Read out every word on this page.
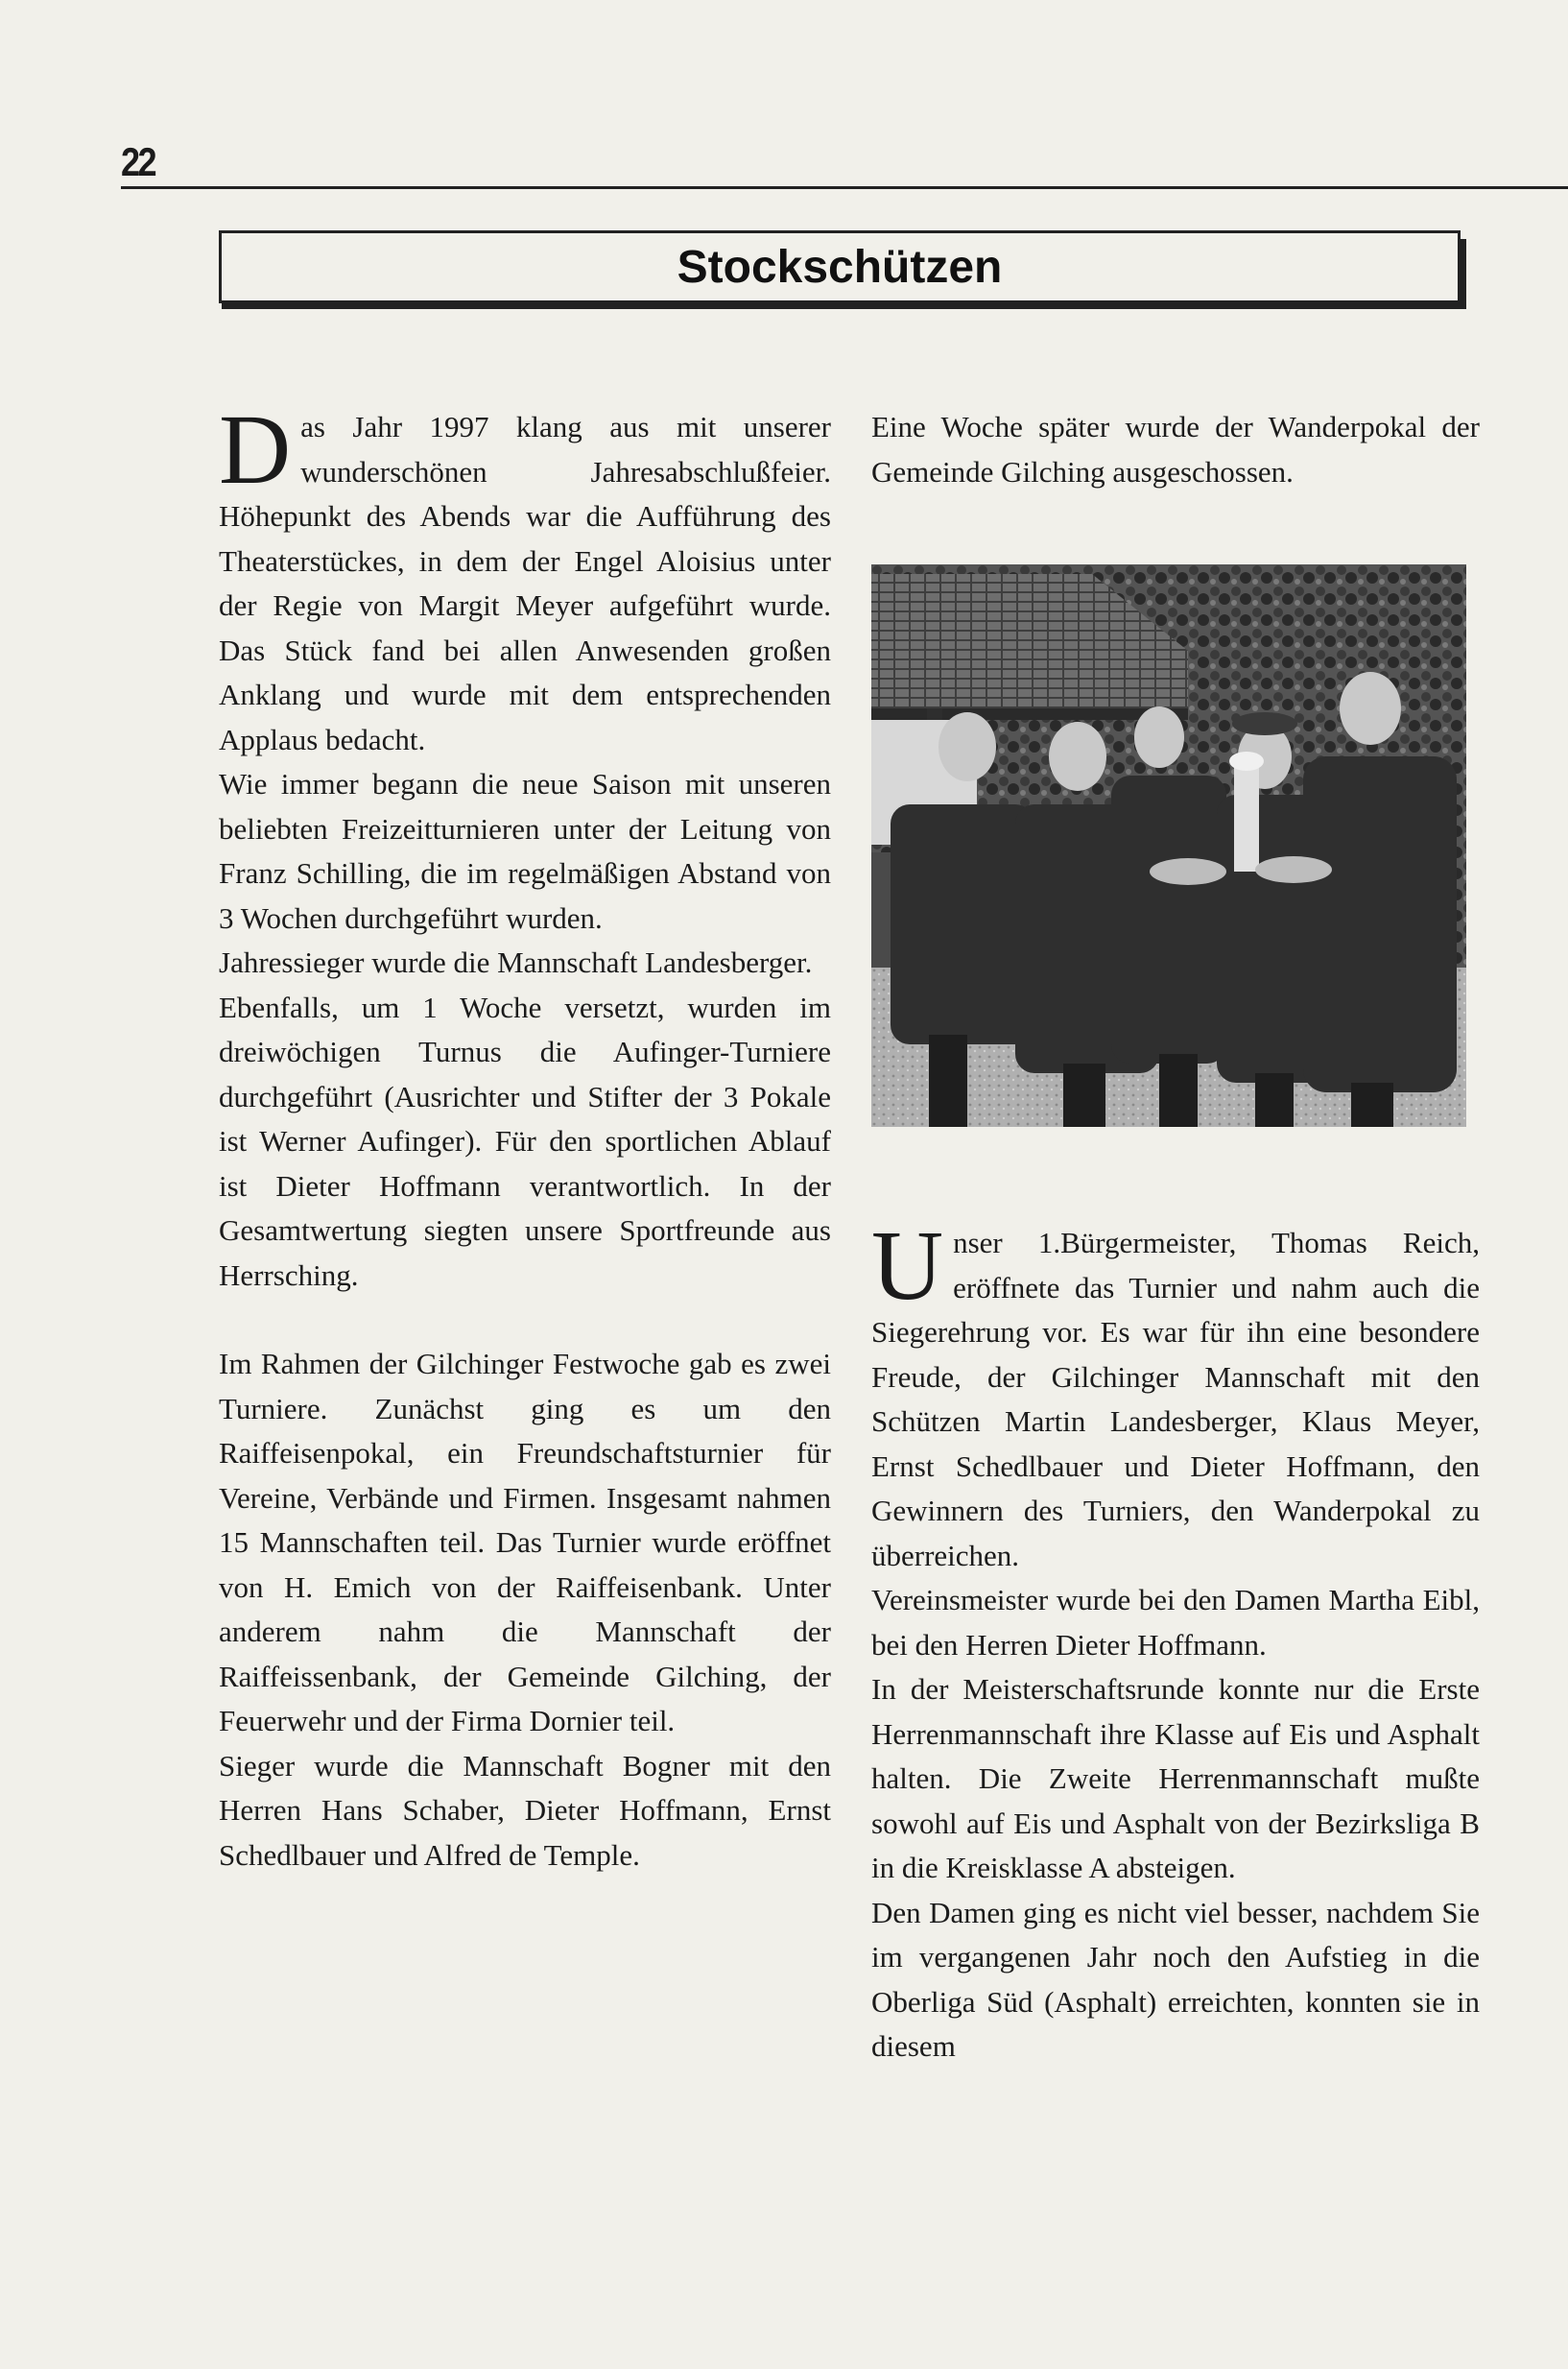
22
Stockschützen

Das Jahr 1997 klang aus mit unserer wunderschönen Jahresabschlußfeier. Höhepunkt des Abends war die Aufführung des Theaterstückes, in dem der Engel Aloisius unter der Regie von Margit Meyer aufgeführt wurde. Das Stück fand bei allen Anwesenden großen Anklang und wurde mit dem entsprechenden Applaus bedacht.

Wie immer begann die neue Saison mit unseren beliebten Freizeitturnieren unter der Leitung von Franz Schilling, die im regelmäßigen Abstand von 3 Wochen durchgeführt wurden.

Jahressieger wurde die Mannschaft Landesberger.

Ebenfalls, um 1 Woche versetzt, wurden im dreiwöchigen Turnus die Aufinger-Turniere durchgeführt (Ausrichter und Stifter der 3 Pokale ist Werner Aufinger). Für den sportlichen Ablauf ist Dieter Hoffmann verantwortlich. In der Gesamtwertung siegten unsere Sportfreunde aus Herrsching.

Im Rahmen der Gilchinger Festwoche gab es zwei Turniere. Zunächst ging es um den Raiffeisenpokal, ein Freundschaftsturnier für Vereine, Verbände und Firmen. Insgesamt nahmen 15 Mannschaften teil. Das Turnier wurde eröffnet von H. Emich von der Raiffeisenbank. Unter anderem nahm die Mannschaft der Raiffeissenbank, der Gemeinde Gilching, der Feuerwehr und der Firma Dornier teil.

Sieger wurde die Mannschaft Bogner mit den Herren Hans Schaber, Dieter Hoffmann, Ernst Schedlbauer und Alfred de Temple.

Eine Woche später wurde der Wanderpokal der Gemeinde Gilching ausgeschossen.

Unser 1.Bürgermeister, Thomas Reich, eröffnete das Turnier und nahm auch die Siegerehrung vor. Es war für ihn eine besondere Freude, der Gilchinger Mannschaft mit den Schützen Martin Landesberger, Klaus Meyer, Ernst Schedlbauer und Dieter Hoffmann, den Gewinnern des Turniers, den Wanderpokal zu überreichen.

Vereinsmeister wurde bei den Damen Martha Eibl, bei den Herren Dieter Hoffmann.

In der Meisterschaftsrunde konnte nur die Erste Herrenmannschaft ihre Klasse auf Eis und Asphalt halten. Die Zweite Herrenmannschaft mußte sowohl auf Eis und Asphalt von der Bezirksliga B in die Kreisklasse A absteigen.

Den Damen ging es nicht viel besser, nachdem Sie im vergangenen Jahr noch den Aufstieg in die Oberliga Süd (Asphalt) erreichten, konnten sie in diesem
